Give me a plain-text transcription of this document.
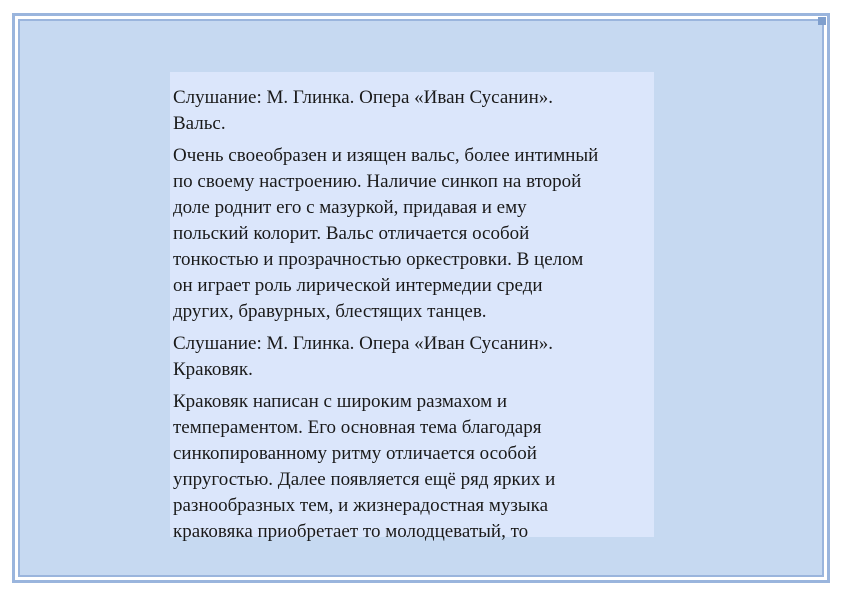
Слушание: М. Глинка. Опера «Иван Сусанин».
Вальс.

Очень своеобразен и изящен вальс, более интимный
по своему настроению. Наличие синкоп на второй
доле роднит его с мазуркой, придавая и ему
польский колорит. Вальс отличается особой
тонкостью и прозрачностью оркестровки. В целом
он играет роль лирической интермедии среди
других, бравурных, блестящих танцев.

Слушание: М. Глинка. Опера «Иван Сусанин».
Краковяк.

Краковяк написан с широким размахом и
темпераментом. Его основная тема благодаря
синкопированному ритму отличается особой
упругостью. Далее появляется ещё ряд ярких и
разнообразных тем, и жизнерадостная музыка
краковяка приобретает то молодцеватый, то
